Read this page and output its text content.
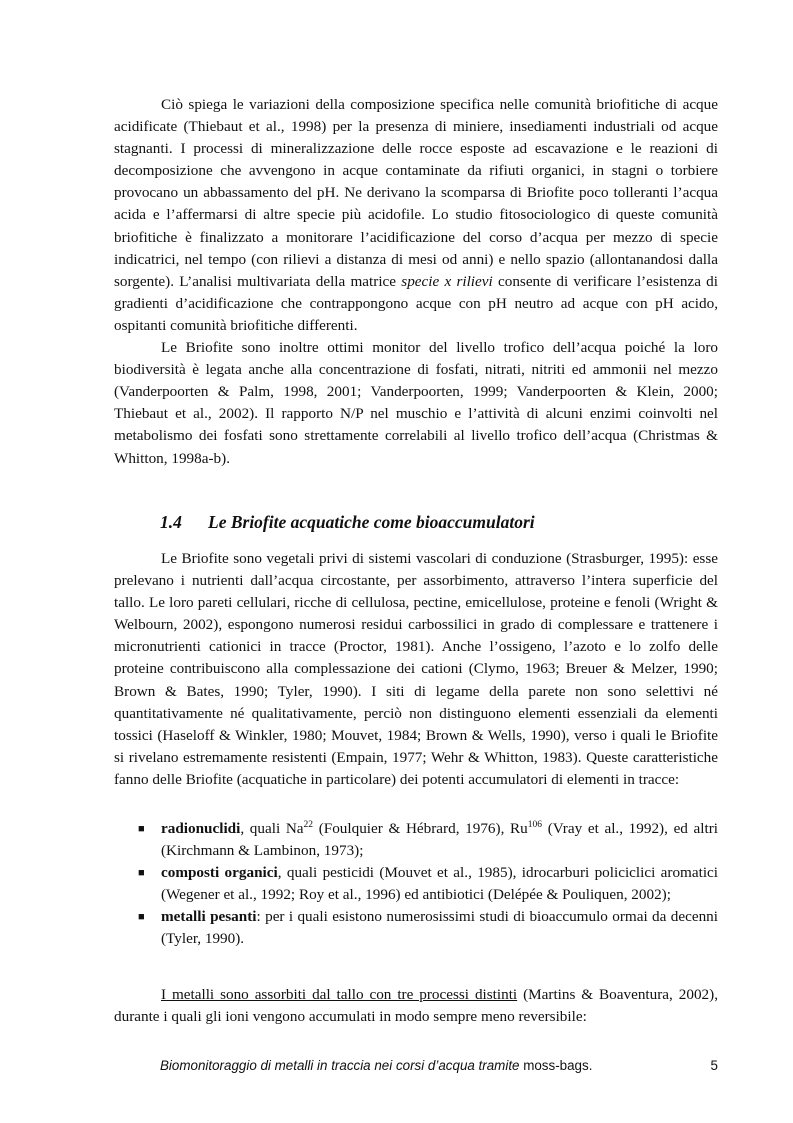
Ciò spiega le variazioni della composizione specifica nelle comunità briofitiche di acque acidificate (Thiebaut et al., 1998) per la presenza di miniere, insediamenti industriali od acque stagnanti. I processi di mineralizzazione delle rocce esposte ad escavazione e le reazioni di decomposizione che avvengono in acque contaminate da rifiuti organici, in stagni o torbiere provocano un abbassamento del pH. Ne derivano la scomparsa di Briofite poco tolleranti l’acqua acida e l’affermarsi di altre specie più acidofile. Lo studio fitosociologico di queste comunità briofitiche è finalizzato a monitorare l’acidificazione del corso d’acqua per mezzo di specie indicatrici, nel tempo (con rilievi a distanza di mesi od anni) e nello spazio (allontanandosi dalla sorgente). L’analisi multivariata della matrice specie x rilievi consente di verificare l’esistenza di gradienti d’acidificazione che contrappongono acque con pH neutro ad acque con pH acido, ospitanti comunità briofitiche differenti.

Le Briofite sono inoltre ottimi monitor del livello trofico dell’acqua poiché la loro biodiversità è legata anche alla concentrazione di fosfati, nitrati, nitriti ed ammonii nel mezzo (Vanderpoorten & Palm, 1998, 2001; Vanderpoorten, 1999; Vanderpoorten & Klein, 2000; Thiebaut et al., 2002). Il rapporto N/P nel muschio e l’attività di alcuni enzimi coinvolti nel metabolismo dei fosfati sono strettamente correlabili al livello trofico dell’acqua (Christmas & Whitton, 1998a-b).

1.4 Le Briofite acquatiche come bioaccumulatori

Le Briofite sono vegetali privi di sistemi vascolari di conduzione (Strasburger, 1995): esse prelevano i nutrienti dall’acqua circostante, per assorbimento, attraverso l’intera superficie del tallo. Le loro pareti cellulari, ricche di cellulosa, pectine, emicellulose, proteine e fenoli (Wright & Welbourn, 2002), espongono numerosi residui carbossilici in grado di complessare e trattenere i micronutrienti cationici in tracce (Proctor, 1981). Anche l’ossigeno, l’azoto e lo zolfo delle proteine contribuiscono alla complessazione dei cationi (Clymo, 1963; Breuer & Melzer, 1990; Brown & Bates, 1990; Tyler, 1990). I siti di legame della parete non sono selettivi né quantitativamente né qualitativamente, perciò non distinguono elementi essenziali da elementi tossici (Haseloff & Winkler, 1980; Mouvet, 1984; Brown & Wells, 1990), verso i quali le Briofite si rivelano estremamente resistenti (Empain, 1977; Wehr & Whitton, 1983). Queste caratteristiche fanno delle Briofite (acquatiche in particolare) dei potenti accumulatori di elementi in tracce:

■ radionuclidi, quali Na$^{22}$ (Foulquier & Hébrard, 1976), Ru$^{106}$ (Vray et al., 1992), ed altri (Kirchmann & Lambinon, 1973);
■ composti organici, quali pesticidi (Mouvet et al., 1985), idrocarburi policiclici aromatici (Wegener et al., 1992; Roy et al., 1996) ed antibiotici (Delépée & Pouliquen, 2002);
■ metalli pesanti: per i quali esistono numerosissimi studi di bioaccumulo ormai da decenni (Tyler, 1990).

I metalli sono assorbiti dal tallo con tre processi distinti (Martins & Boaventura, 2002), durante i quali gli ioni vengono accumulati in modo sempre meno reversibile:

Biomonitoraggio di metalli in traccia nei corsi d’acqua tramite moss-bags.	5
